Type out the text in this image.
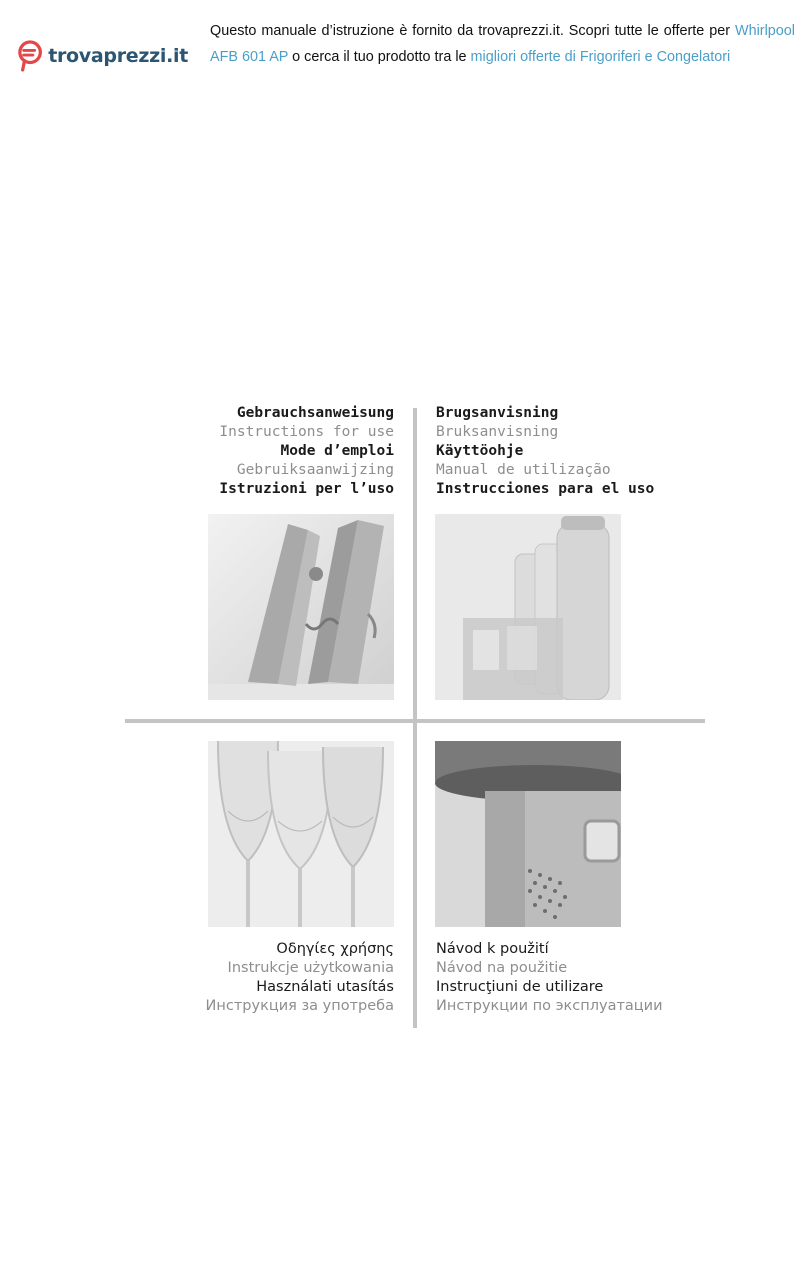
trovaprezzi.it
Questo manuale d’istruzione è fornito da trovaprezzi.it. Scopri tutte le offerte per Whirlpool AFB 601 AP o cerca il tuo prodotto tra le migliori offerte di Frigoriferi e Congelatori
Gebrauchsanweisung
Instructions for use
Mode d’emploi
Gebruiksaanwijzing
Istruzioni per l’uso
Brugsanvisning
Bruksanvisning
Käyttöohje
Manual de utilização
Instrucciones para el uso
Οδηγίες χρήσης
Instrukcje użytkowania
Használati utasítás
Инструкция за употреба
Návod k použití
Návod na použitie
Instrucţiuni de utilizare
Инструкции по эксплуатации
